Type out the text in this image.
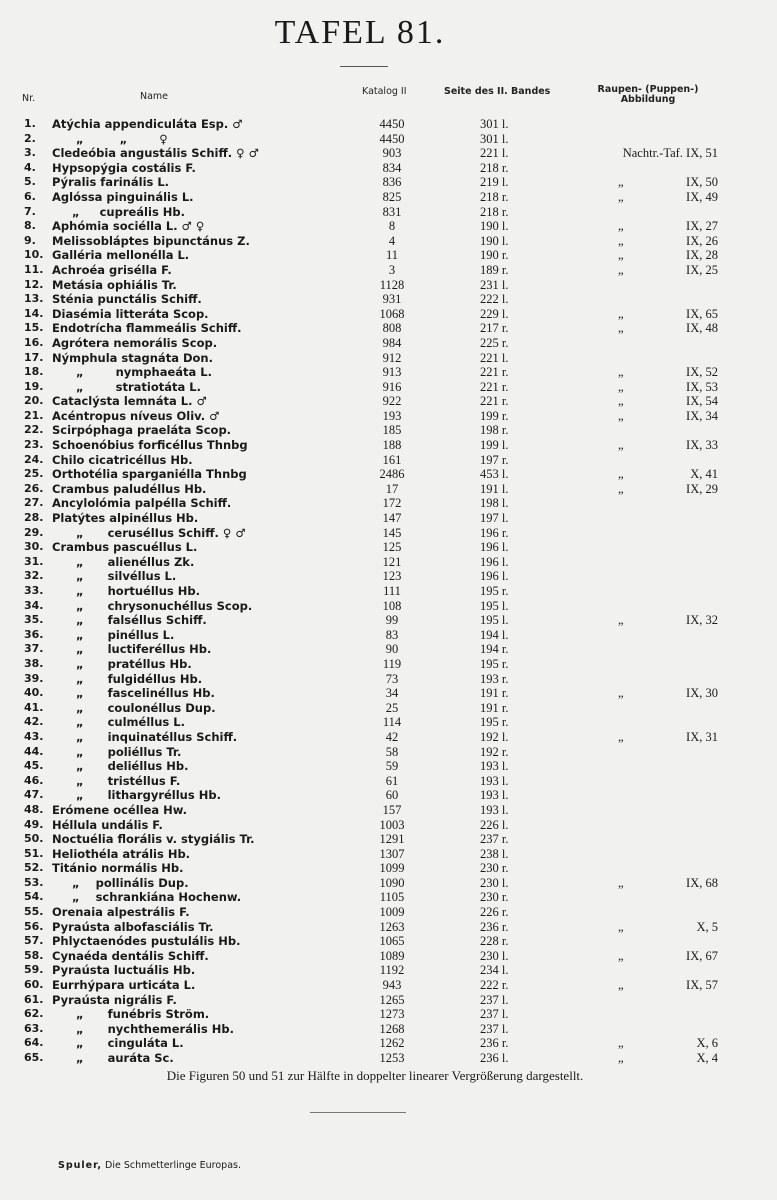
TAFEL 81.
Nr.	Name	Katalog II	Seite des II. Bandes	Raupen- (Puppen-) Abbildung
1. Atýchia appendiculáta Esp. ♂	4450	301 l.
2. „         „        ♀	4450	301 l.
3. Cledeóbia angustális Schiff. ♀ ♂	903	221 l.	Nachtr.-Taf. IX, 51
4. Hypsopýgia costális F.	834	218 r.
5. Pýralis farinális L.	836	219 l.	„	IX, 50
6. Aglóssa pinguinális L.	825	218 r.	„	IX, 49
7. „     cupreális Hb.	831	218 r.
8. Aphómia sociélla L. ♂ ♀	8	190 l.	„	IX, 27
9. Melissobláptes bipunctánus Z.	4	190 l.	„	IX, 26
10. Galléria mellonélla L.	11	190 r.	„	IX, 28
11. Achroéa grisélla F.	3	189 r.	„	IX, 25
12. Metásia ophiális Tr.	1128	231 l.
13. Sténia punctális Schiff.	931	222 l.
14. Diasémia litteráta Scop.	1068	229 l.	„	IX, 65
15. Endotrícha flammeális Schiff.	808	217 r.	„	IX, 48
16. Agrótera nemorális Scop.	984	225 r.
17. Nýmphula stagnáta Don.	912	221 l.
18. „        nymphaeáta L.	913	221 r.	„	IX, 52
19. „        stratiotáta L.	916	221 r.	„	IX, 53
20. Cataclýsta lemnáta L. ♂	922	221 r.	„	IX, 54
21. Acéntropus níveus Oliv. ♂	193	199 r.	„	IX, 34
22. Scirpóphaga praeláta Scop.	185	198 r.
23. Schoenóbius forficéllus Thnbg	188	199 l.	„	IX, 33
24. Chilo cicatricéllus Hb.	161	197 r.
25. Orthotélia sparganiélla Thnbg	2486	453 l.	„	X, 41
26. Crambus paludéllus Hb.	17	191 l.	„	IX, 29
27. Ancylolómia palpélla Schiff.	172	198 l.
28. Platýtes alpinéllus Hb.	147	197 l.
29. „      cerusélIus Schiff. ♀ ♂	145	196 r.
30. Crambus pascuéllus L.	125	196 l.
31. „      alienéllus Zk.	121	196 l.
32. „      silvéllus L.	123	196 l.
33. „      hortuéllus Hb.	111	195 r.
34. „      chrysonuchéllus Scop.	108	195 l.
35. „      falséllus Schiff.	99	195 l.	„	IX, 32
36. „      pinéllus L.	83	194 l.
37. „      luctiferéllus Hb.	90	194 r.
38. „      pratéllus Hb.	119	195 r.
39. „      fulgidéllus Hb.	73	193 r.
40. „      fascelinéllus Hb.	34	191 r.	„	IX, 30
41. „      coulonéllus Dup.	25	191 r.
42. „      culméllus L.	114	195 r.
43. „      inquinatéllus Schiff.	42	192 l.	„	IX, 31
44. „      poliéllus Tr.	58	192 r.
45. „      deliéllus Hb.	59	193 l.
46. „      tristéllus F.	61	193 l.
47. „      lithargyréllus Hb.	60	193 l.
48. Erómene océllea Hw.	157	193 l.
49. Héllula undális F.	1003	226 l.
50. Noctuélia florális v. stygiális Tr.	1291	237 r.
51. Heliothéla atrális Hb.	1307	238 l.
52. Titánio normális Hb.	1099	230 r.
53. „    pollinális Dup.	1090	230 l.	„	IX, 68
54. „    schrankiána Hochenw.	1105	230 r.
55. Orenaia alpestrális F.	1009	226 r.
56. Pyraústa albofasciális Tr.	1263	236 r.	„	X, 5
57. Phlyctaenódes pustulális Hb.	1065	228 r.
58. Cynaéda dentális Schiff.	1089	230 l.	„	IX, 67
59. Pyraústa luctuális Hb.	1192	234 l.
60. Eurrhýpara urticáta L.	943	222 r.	„	IX, 57
61. Pyraústa nigrális F.	1265	237 l.
62. „      funébris Ström.	1273	237 l.
63. „      nychthemerális Hb.	1268	237 l.
64. „      cinguláta L.	1262	236 r.	„	X, 6
65. „      auráta Sc.	1253	236 l.	„	X, 4
Die Figuren 50 und 51 zur Hälfte in doppelter linearer Vergrößerung dargestellt.
Spuler, Die Schmetterlinge Europas.
